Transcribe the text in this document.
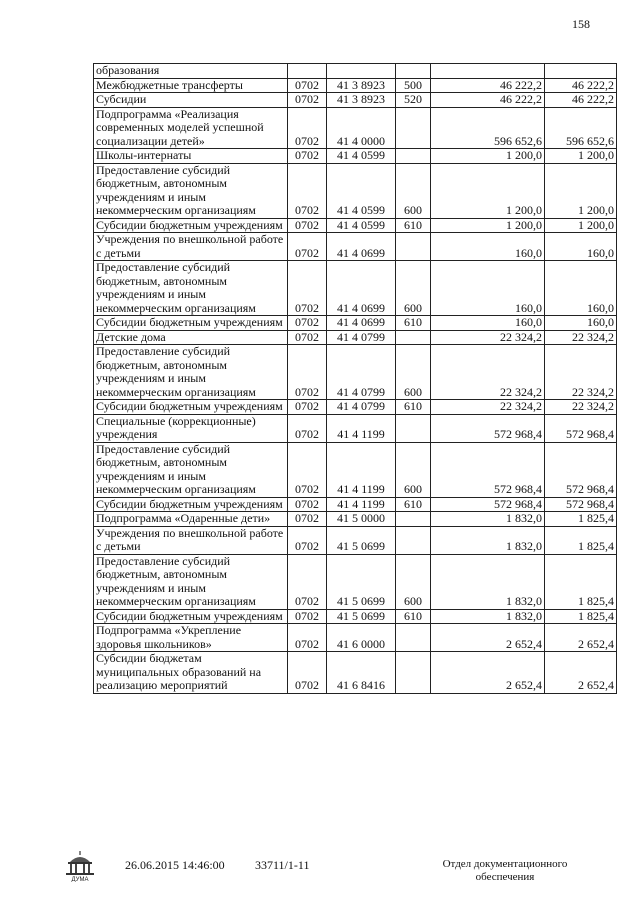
158
образования					
Межбюджетные трансферты	0702	41 3 8923	500	46 222,2	46 222,2
Субсидии	0702	41 3 8923	520	46 222,2	46 222,2
Подпрограмма «Реализация современных моделей успешной социализации детей»	0702	41 4 0000		596 652,6	596 652,6
Школы-интернаты	0702	41 4 0599		1 200,0	1 200,0
Предоставление субсидий бюджетным, автономным учреждениям и иным некоммерческим организациям	0702	41 4 0599	600	1 200,0	1 200,0
Субсидии бюджетным учреждениям	0702	41 4 0599	610	1 200,0	1 200,0
Учреждения по внешкольной работе с детьми	0702	41 4 0699		160,0	160,0
Предоставление субсидий бюджетным, автономным учреждениям и иным некоммерческим организациям	0702	41 4 0699	600	160,0	160,0
Субсидии бюджетным учреждениям	0702	41 4 0699	610	160,0	160,0
Детские дома	0702	41 4 0799		22 324,2	22 324,2
Предоставление субсидий бюджетным, автономным учреждениям и иным некоммерческим организациям	0702	41 4 0799	600	22 324,2	22 324,2
Субсидии бюджетным учреждениям	0702	41 4 0799	610	22 324,2	22 324,2
Специальные (коррекционные) учреждения	0702	41 4 1199		572 968,4	572 968,4
Предоставление субсидий бюджетным, автономным учреждениям и иным некоммерческим организациям	0702	41 4 1199	600	572 968,4	572 968,4
Субсидии бюджетным учреждениям	0702	41 4 1199	610	572 968,4	572 968,4
Подпрограмма «Одаренные дети»	0702	41 5 0000		1 832,0	1 825,4
Учреждения по внешкольной работе с детьми	0702	41 5 0699		1 832,0	1 825,4
Предоставление субсидий бюджетным, автономным учреждениям и иным некоммерческим организациям	0702	41 5 0699	600	1 832,0	1 825,4
Субсидии бюджетным учреждениям	0702	41 5 0699	610	1 832,0	1 825,4
Подпрограмма «Укрепление здоровья школьников»	0702	41 6 0000		2 652,4	2 652,4
Субсидии бюджетам муниципальных образований на реализацию мероприятий	0702	41 6 8416		2 652,4	2 652,4
ДУМА
26.06.2015 14:46:00	33711/1-11	Отдел документационного
обеспечения
